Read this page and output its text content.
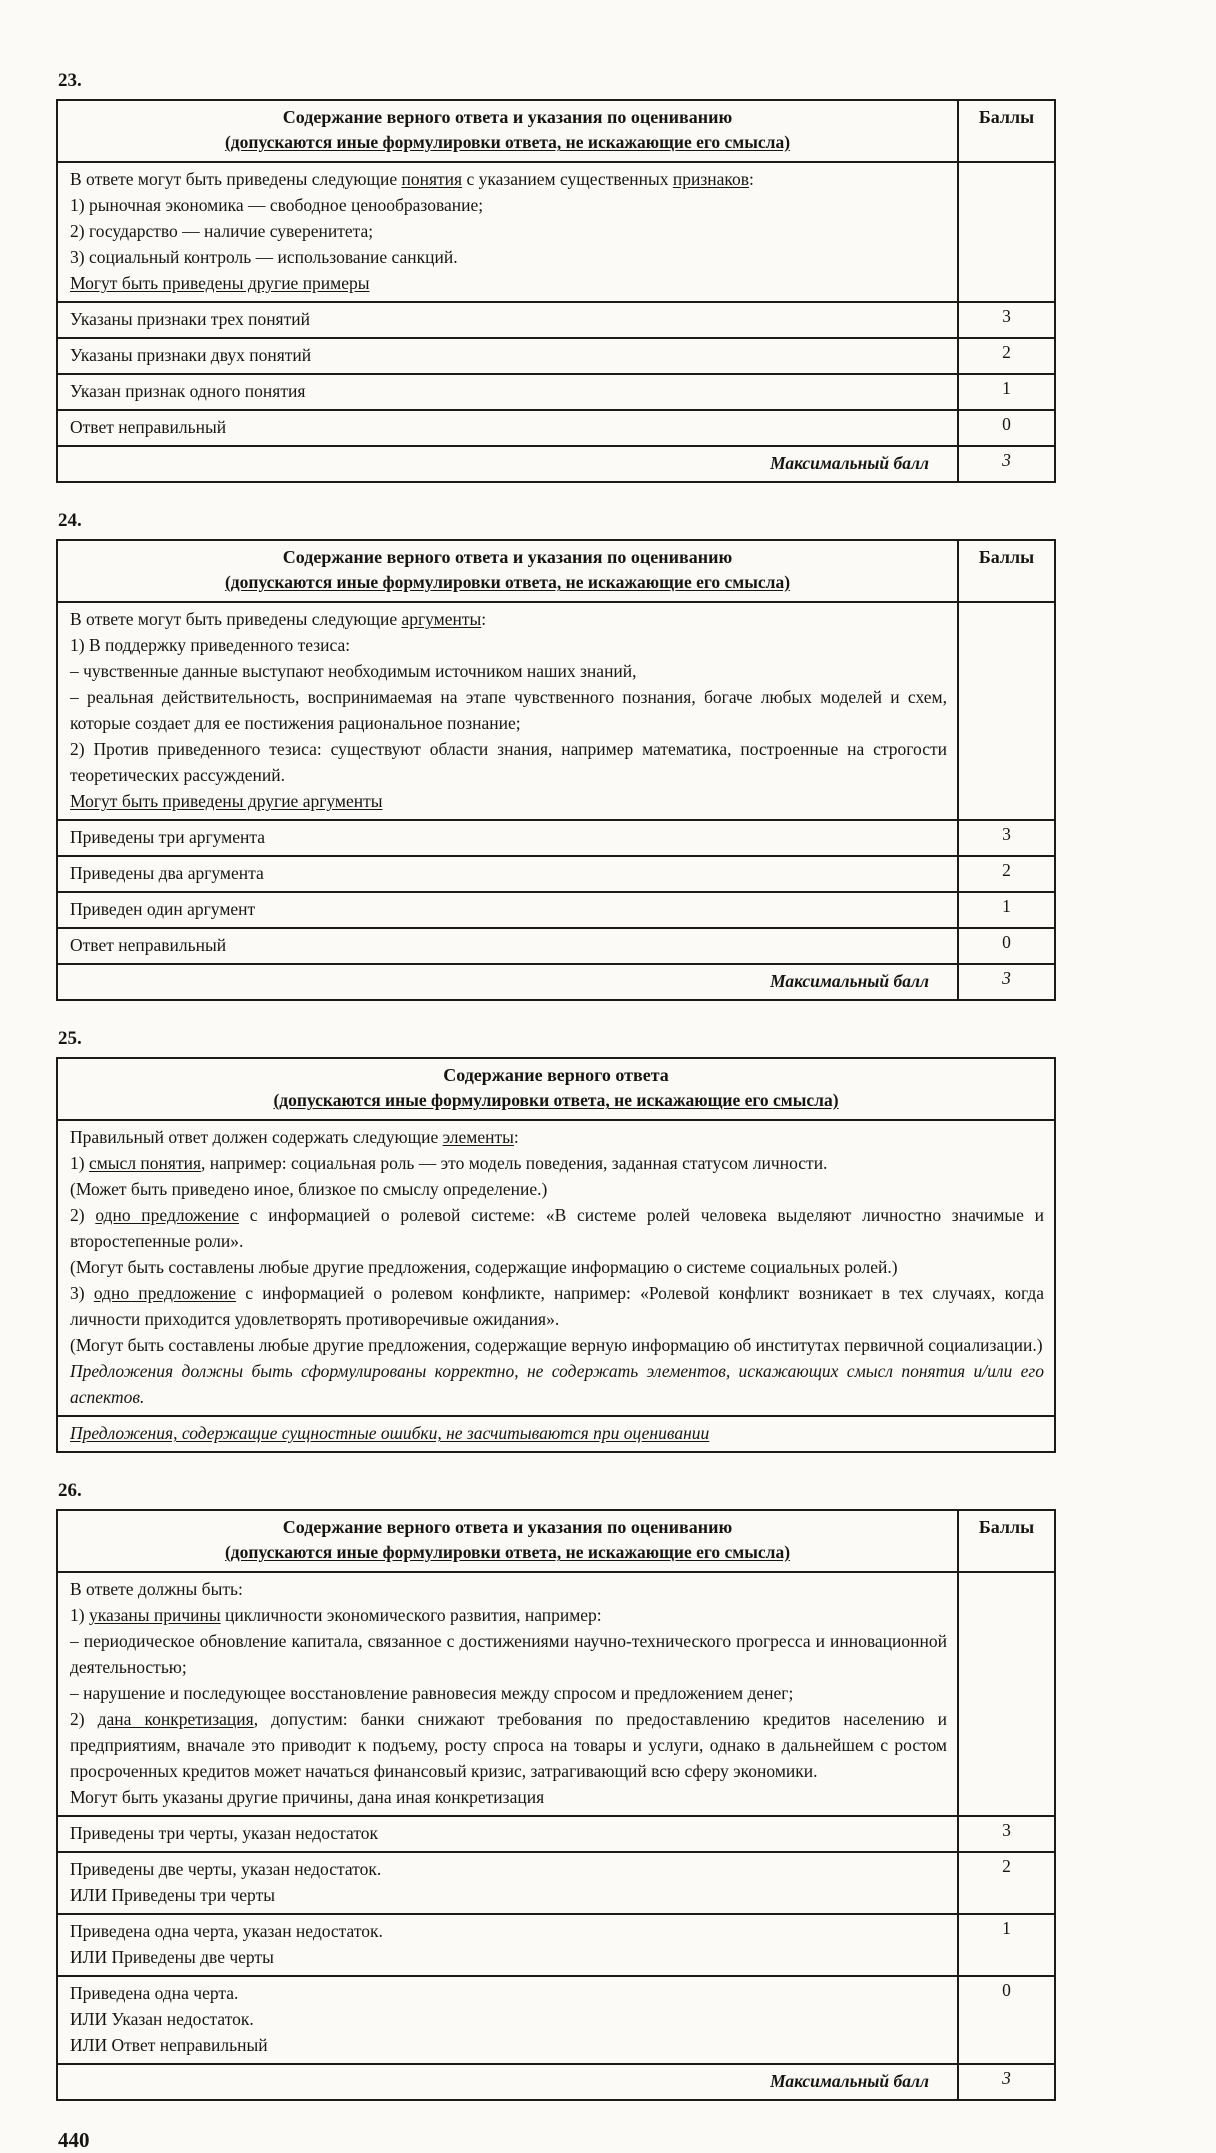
23.
Содержание верного ответа и указания по оцениванию
(допускаются иные формулировки ответа, не искажающие его смысла)	Баллы

В ответе могут быть приведены следующие понятия с указанием существенных признаков:
1) рыночная экономика — свободное ценообразование;
2) государство — наличие суверенитета;
3) социальный контроль — использование санкций.
Могут быть приведены другие примеры	

Указаны признаки трех понятий	3

Указаны признаки двух понятий	2

Указан признак одного понятия	1

Ответ неправильный	0
Максимальный балл	3
24.
Содержание верного ответа и указания по оцениванию
(допускаются иные формулировки ответа, не искажающие его смысла)	Баллы

В ответе могут быть приведены следующие аргументы:
1) В поддержку приведенного тезиса:
– чувственные данные выступают необходимым источником наших знаний,
– реальная действительность, воспринимаемая на этапе чувственного познания, богаче любых моделей и схем, которые создает для ее постижения рациональное познание;
2) Против приведенного тезиса: существуют области знания, например математика, построенные на строгости теоретических рассуждений.
Могут быть приведены другие аргументы

Приведены три аргумента	3

Приведены два аргумента	2

Приведен один аргумент	1

Ответ неправильный	0
Максимальный балл	3
25.
Содержание верного ответа
(допускаются иные формулировки ответа, не искажающие его смысла)

Правильный ответ должен содержать следующие элементы:
1) смысл понятия, например: социальная роль — это модель поведения, заданная статусом личности.
(Может быть приведено иное, близкое по смыслу определение.)
2) одно предложение с информацией о ролевой системе: «В системе ролей человека выделяют личностно значимые и второстепенные роли».
(Могут быть составлены любые другие предложения, содержащие информацию о системе социальных ролей.)
3) одно предложение с информацией о ролевом конфликте, например: «Ролевой конфликт возникает в тех случаях, когда личности приходится удовлетворять противоречивые ожидания».
(Могут быть составлены любые другие предложения, содержащие верную информацию об институтах первичной социализации.)
Предложения должны быть сформулированы корректно, не содержать элементов, искажающих смысл понятия и/или его аспектов.

Предложения, содержащие сущностные ошибки, не засчитываются при оценивании
26.
Содержание верного ответа и указания по оцениванию
(допускаются иные формулировки ответа, не искажающие его смысла)	Баллы

В ответе должны быть:
1) указаны причины цикличности экономического развития, например:
– периодическое обновление капитала, связанное с достижениями научно-технического прогресса и инновационной деятельностью;
– нарушение и последующее восстановление равновесия между спросом и предложением денег;
2) дана конкретизация, допустим: банки снижают требования по предоставлению кредитов населению и предприятиям, вначале это приводит к подъему, росту спроса на товары и услуги, однако в дальнейшем с ростом просроченных кредитов может начаться финансовый кризис, затрагивающий всю сферу экономики.
Могут быть указаны другие причины, дана иная конкретизация

Приведены три черты, указан недостаток	3

Приведены две черты, указан недостаток.
ИЛИ Приведены три черты	2

Приведена одна черта, указан недостаток.
ИЛИ Приведены две черты	1

Приведена одна черта.
ИЛИ Указан недостаток.
ИЛИ Ответ неправильный	0
Максимальный балл	3
440
